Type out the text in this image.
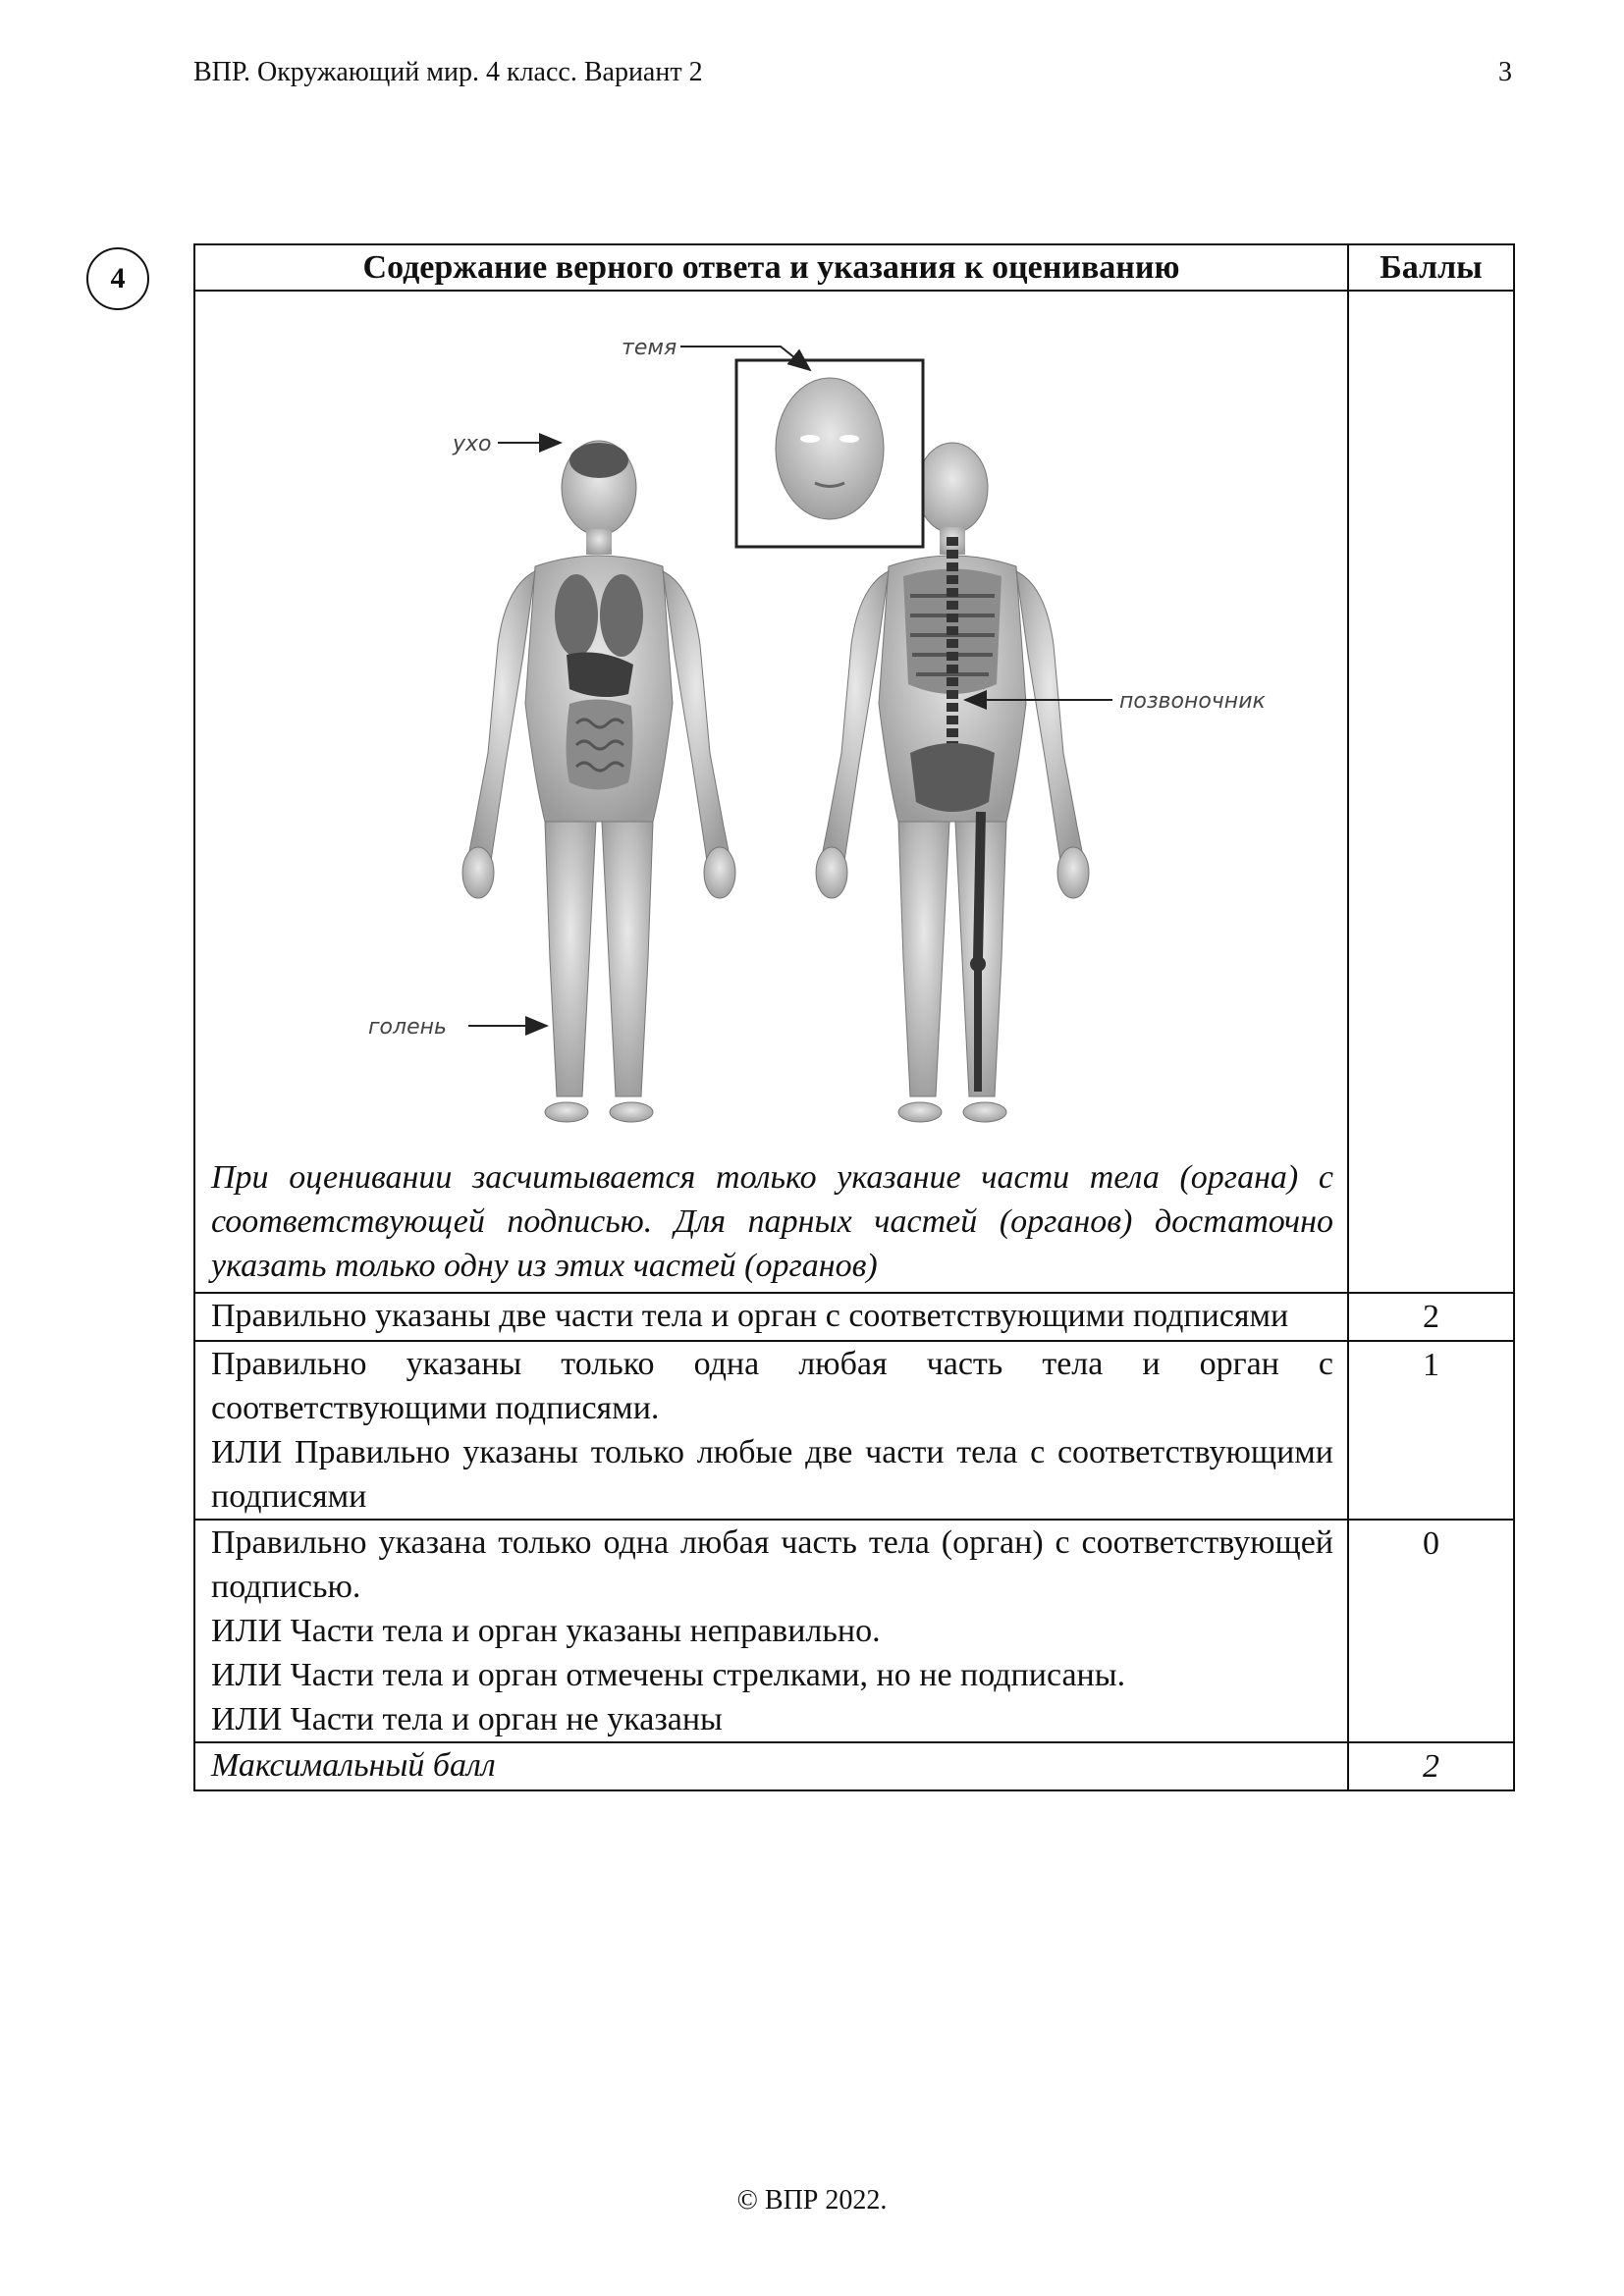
ВПР. Окружающий мир. 4 класс. Вариант 2	3
4	Содержание верного ответа и указания к оцениванию	Баллы

темя
ухо
позвоночник
голень
При оценивании засчитывается только указание части тела (органа) с соответствующей подписью. Для парных частей (органов) достаточно указать только одну из этих частей (органов)	

Правильно указаны две части тела и орган с соответствующими подписями	2

Правильно указаны только одна любая часть тела и орган с соответствующими подписями.
ИЛИ Правильно указаны только любые две части тела с соответствующими подписями	1

Правильно указана только одна любая часть тела (орган) с соответствующей подписью.
ИЛИ Части тела и орган указаны неправильно.
ИЛИ Части тела и орган отмечены стрелками, но не подписаны.
ИЛИ Части тела и орган не указаны	0
Максимальный балл	2
© ВПР 2022.
